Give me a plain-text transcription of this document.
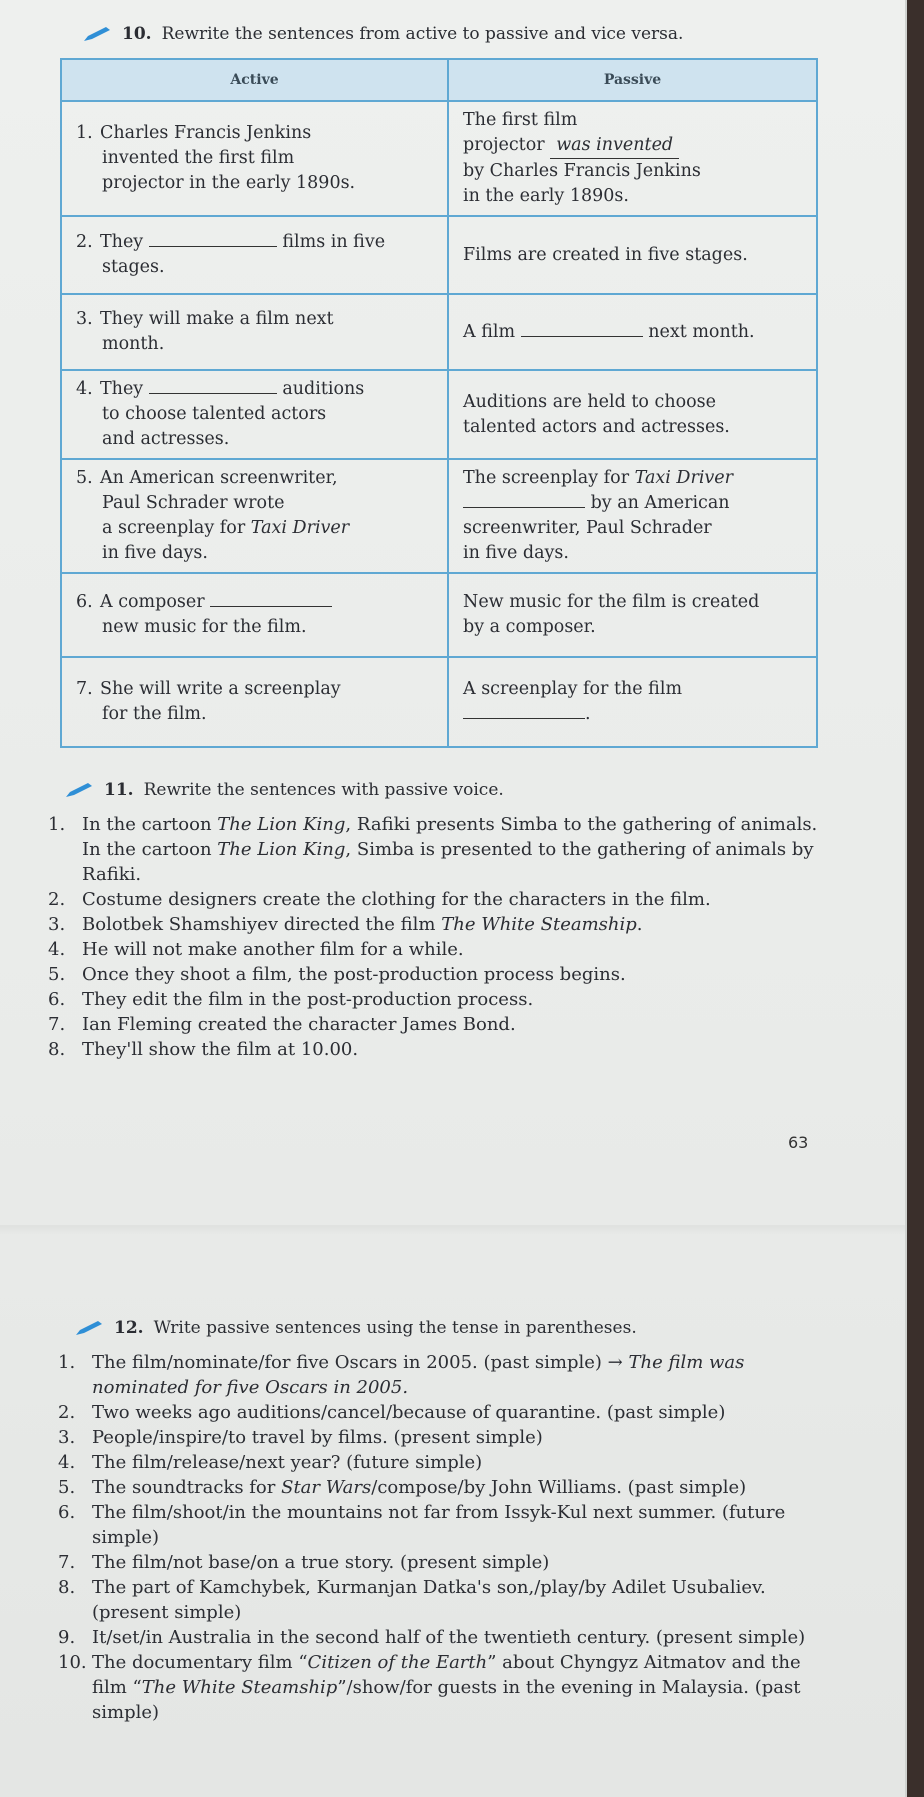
10. Rewrite the sentences from active to passive and vice versa.
Active	Passive
1. Charles Francis Jenkins
invented the first film
projector in the early 1890s.	The first film
projector was invented
by Charles Francis Jenkins
in the early 1890s.

2. They films in five
stages.	Films are created in five stages.
3. They will make a film next
month.	A film next month.
4. They auditions
to choose talented actors
and actresses.	Auditions are held to choose
talented actors and actresses.

5. An American screenwriter,
Paul Schrader wrote
a screenplay for Taxi Driver
in five days.	The screenplay for Taxi Driver
by an American
screenwriter, Paul Schrader
in five days.

6. A composer
new music for the film.	New music for the film is created
by a composer.

7. She will write a screenplay
for the film.	A screenplay for the film
.
11. Rewrite the sentences with passive voice.
1. In the cartoon The Lion King, Rafiki presents Simba to the gathering of animals.
In the cartoon The Lion King, Simba is presented to the gathering of animals by Rafiki.
2. Costume designers create the clothing for the characters in the film.
3. Bolotbek Shamshiyev directed the film The White Steamship.
4. He will not make another film for a while.
5. Once they shoot a film, the post-production process begins.
6. They edit the film in the post-production process.
7. Ian Fleming created the character James Bond.
8. They'll show the film at 10.00.
63
12. Write passive sentences using the tense in parentheses.
1. The film/nominate/for five Oscars in 2005. (past simple) → The film was nominated for five Oscars in 2005.
2. Two weeks ago auditions/cancel/because of quarantine. (past simple)
3. People/inspire/to travel by films. (present simple)
4. The film/release/next year? (future simple)
5. The soundtracks for Star Wars/compose/by John Williams. (past simple)
6. The film/shoot/in the mountains not far from Issyk-Kul next summer. (future simple)
7. The film/not base/on a true story. (present simple)
8. The part of Kamchybek, Kurmanjan Datka's son,/play/by Adilet Usubaliev. (present simple)
9. It/set/in Australia in the second half of the twentieth century. (present simple)
10. The documentary film “Citizen of the Earth” about Chyngyz Aitmatov and the film “The White Steamship”/show/for guests in the evening in Malaysia. (past simple)
